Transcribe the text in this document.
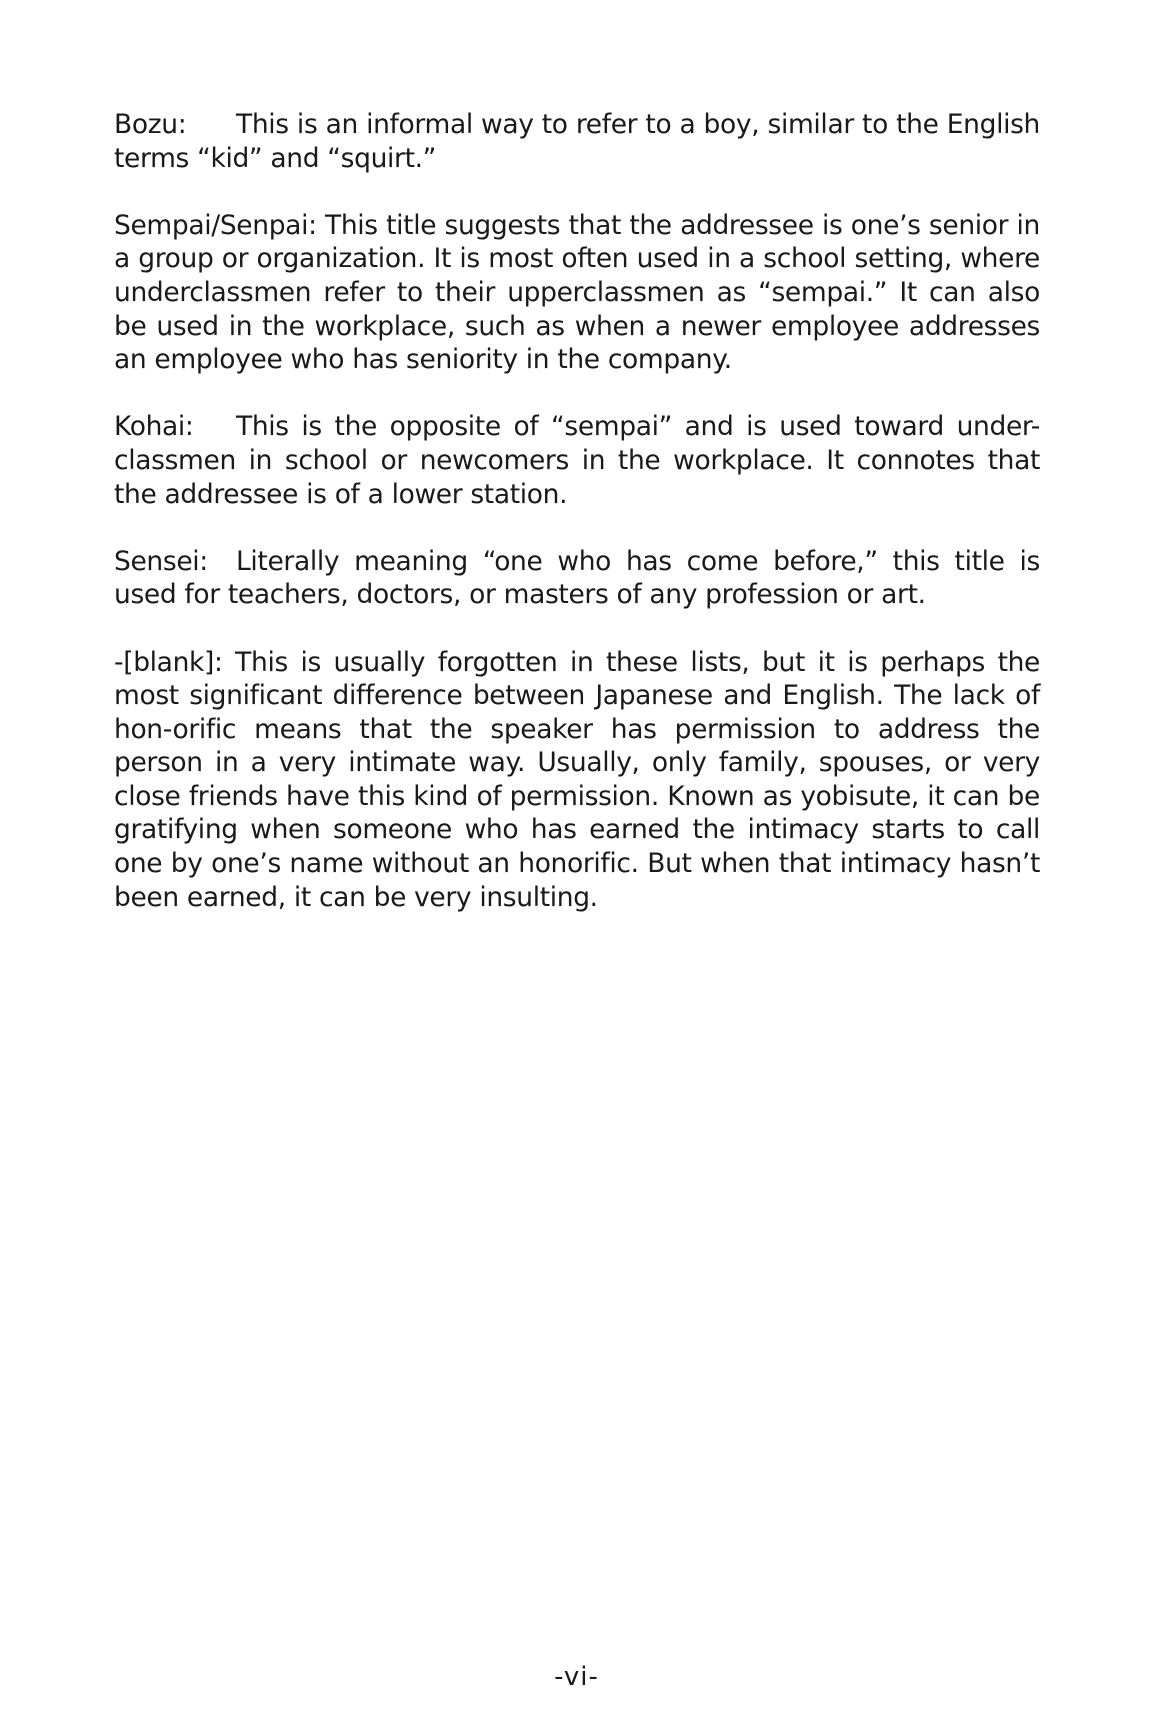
Bozu: This is an informal way to refer to a boy, similar to the English terms “kid” and “squirt.”

Sempai/Senpai: This title suggests that the addressee is one’s senior in a group or organization. It is most often used in a school setting, where underclassmen refer to their upperclassmen as “sempai.” It can also be used in the workplace, such as when a newer employee addresses an employee who has seniority in the company.

Kohai: This is the opposite of “sempai” and is used toward under-classmen in school or newcomers in the workplace. It connotes that the addressee is of a lower station.

Sensei: Literally meaning “one who has come before,” this title is used for teachers, doctors, or masters of any profession or art.

-[blank]: This is usually forgotten in these lists, but it is perhaps the most significant difference between Japanese and English. The lack of hon-orific means that the speaker has permission to address the person in a very intimate way. Usually, only family, spouses, or very close friends have this kind of permission. Known as yobisute, it can be gratifying when someone who has earned the intimacy starts to call one by one’s name without an honorific. But when that intimacy hasn’t been earned, it can be very insulting.

-vi-
